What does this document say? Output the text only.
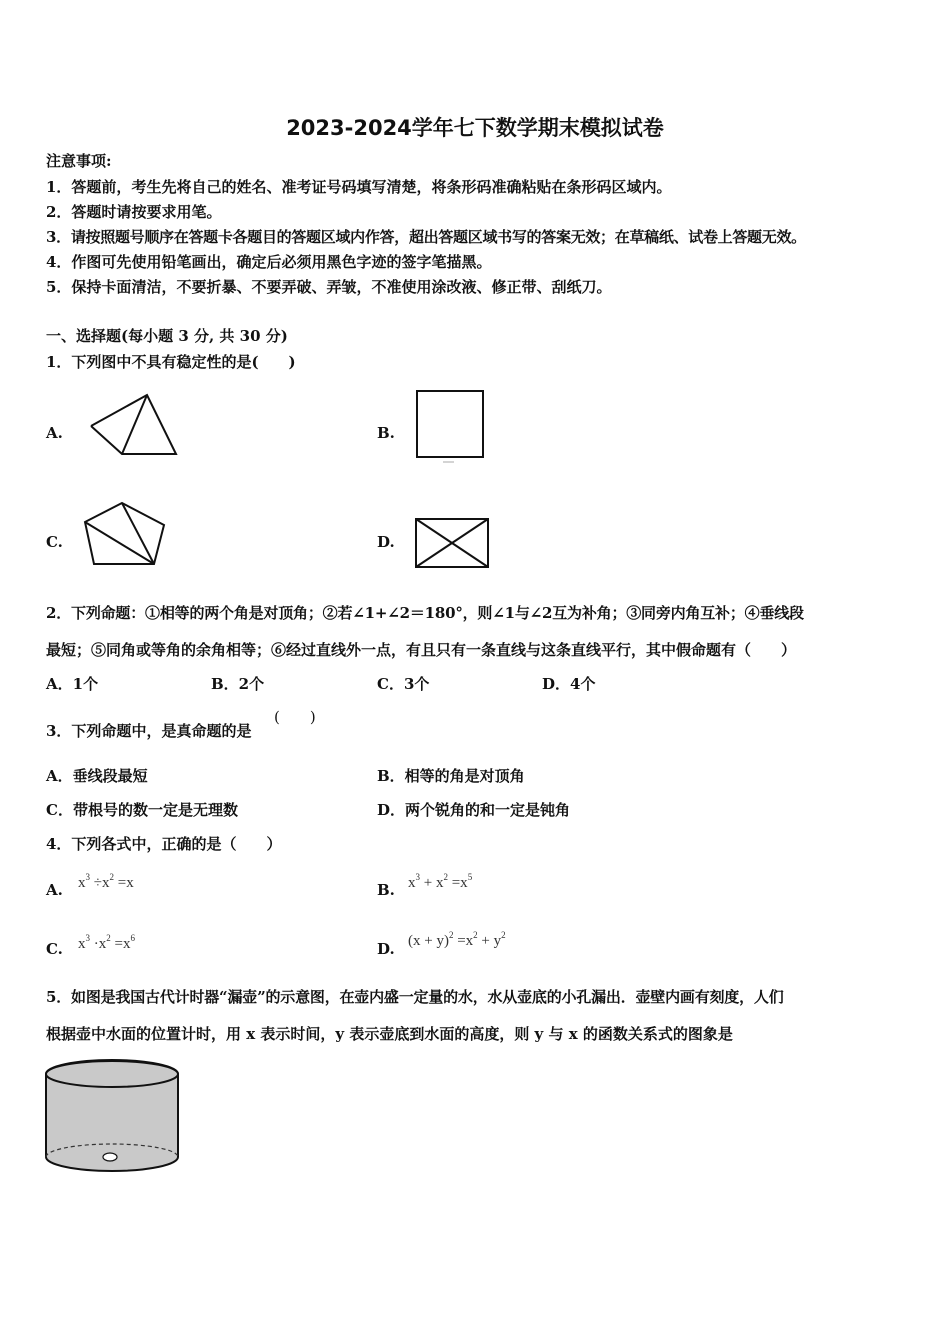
2023-2024学年七下数学期末模拟试卷
注意事项:
1．答题前，考生先将自己的姓名、准考证号码填写清楚，将条形码准确粘贴在条形码区域内。
2．答题时请按要求用笔。
3．请按照题号顺序在答题卡各题目的答题区域内作答，超出答题区域书写的答案无效；在草稿纸、试卷上答题无效。
4．作图可先使用铅笔画出，确定后必须用黑色字迹的签字笔描黑。
5．保持卡面清洁，不要折暴、不要弄破、弄皱，不准使用涂改液、修正带、刮纸刀。
一、选择题(每小题 3 分, 共 30 分)
1．下列图中不具有稳定性的是(　　)
A.	B.
C.	D.
2．下列命题：①相等的两个角是对顶角；②若∠1+∠2＝180°，则∠1与∠2互为补角；③同旁内角互补；④垂线段
最短；⑤同角或等角的余角相等；⑥经过直线外一点，有且只有一条直线与这条直线平行，其中假命题有（　　）
A．1个	B．2个	C．3个	D．4个
3．下列命题中，是真命题的是
(　　)
A．垂线段最短	B．相等的角是对顶角
C．带根号的数一定是无理数	D．两个锐角的和一定是钝角
4．下列各式中，正确的是（　　）
A. $x^3 \div x^2 =x$	B. $x^3 + x^2 =x^5$
C. $x^3 \cdot x^2 =x^6$
D. $(x + y)^2 =x^2 + y^2$
5．如图是我国古代计时器“漏壶”的示意图，在壶内盛一定量的水，水从壶底的小孔漏出．壶壁内画有刻度，人们
根据壶中水面的位置计时，用 x 表示时间，y 表示壶底到水面的高度，则 y 与 x 的函数关系式的图象是
